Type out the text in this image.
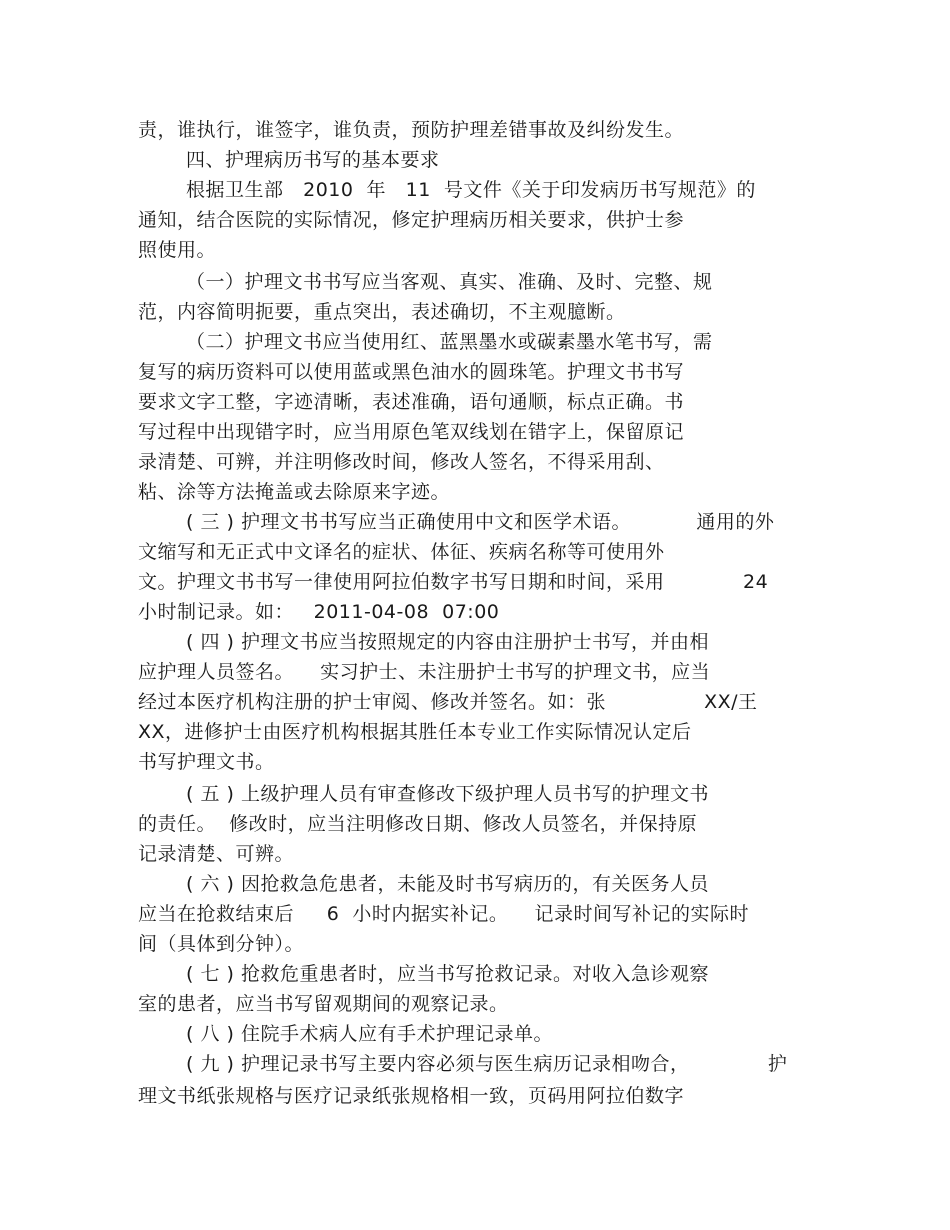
责，谁执行，谁签字，谁负责，预防护理差错事故及纠纷发生。
四、护理病历书写的基本要求
根据卫生部   2010  年   11  号文件《关于印发病历书写规范》的
通知，结合医院的实际情况，修定护理病历相关要求，供护士参
照使用。
（一）护理文书书写应当客观、真实、准确、及时、完整、规
范，内容简明扼要，重点突出，表述确切，不主观臆断。
（二）护理文书应当使用红、蓝黑墨水或碳素墨水笔书写，需
复写的病历资料可以使用蓝或黑色油水的圆珠笔。护理文书书写
要求文字工整，字迹清晰，表述准确，语句通顺，标点正确。书
写过程中出现错字时，应当用原色笔双线划在错字上，保留原记
录清楚、可辨，并注明修改时间，修改人签名，不得采用刮、
粘、涂等方法掩盖或去除原来字迹。
( 三 ) 护理文书书写应当正确使用中文和医学术语。          通用的外
文缩写和无正式中文译名的症状、体征、疾病名称等可使用外
文。护理文书书写一律使用阿拉伯数字书写日期和时间，采用            24
小时制记录。如：   2011-04-08  07:00
( 四 ) 护理文书应当按照规定的内容由注册护士书写，并由相
应护理人员签名。    实习护士、未注册护士书写的护理文书，应当
经过本医疗机构注册的护士审阅、修改并签名。如：张               XX/王
XX，进修护士由医疗机构根据其胜任本专业工作实际情况认定后
书写护理文书。
( 五 ) 上级护理人员有审查修改下级护理人员书写的护理文书
的责任。  修改时，应当注明修改日期、修改人员签名，并保持原
记录清楚、可辨。
( 六 ) 因抢救急危患者，未能及时书写病历的，有关医务人员
应当在抢救结束后     6  小时内据实补记。    记录时间写补记的实际时
间（具体到分钟）。
( 七 ) 抢救危重患者时，应当书写抢救记录。对收入急诊观察
室的患者，应当书写留观期间的观察记录。
( 八 ) 住院手术病人应有手术护理记录单。
( 九 ) 护理记录书写主要内容必须与医生病历记录相吻合，            护
理文书纸张规格与医疗记录纸张规格相一致，页码用阿拉伯数字
